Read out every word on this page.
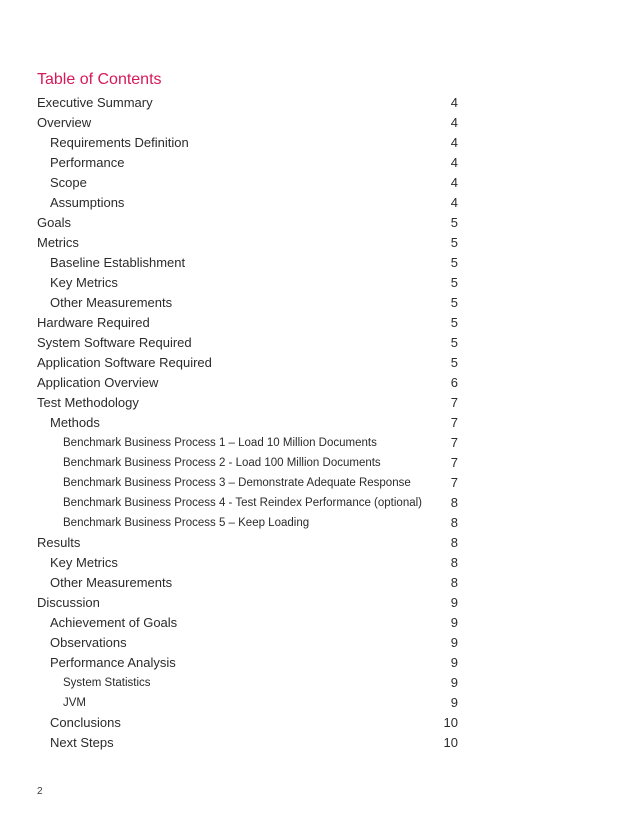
Table of Contents
Executive Summary	4
Overview	4
Requirements Definition	4
Performance	4
Scope	4
Assumptions	4
Goals	5
Metrics	5
Baseline Establishment	5
Key Metrics	5
Other Measurements	5
Hardware Required	5
System Software Required	5
Application Software Required	5
Application Overview	6
Test Methodology	7
Methods	7
Benchmark Business Process 1 – Load 10 Million Documents	7
Benchmark Business Process 2 - Load 100 Million Documents	7
Benchmark Business Process 3 – Demonstrate Adequate Response	7
Benchmark Business Process 4 - Test Reindex Performance (optional)	8
Benchmark Business Process 5 – Keep Loading	8
Results	8
Key Metrics	8
Other Measurements	8
Discussion	9
Achievement of Goals	9
Observations	9
Performance Analysis	9
System Statistics	9
JVM	9
Conclusions	10
Next Steps	10
2
